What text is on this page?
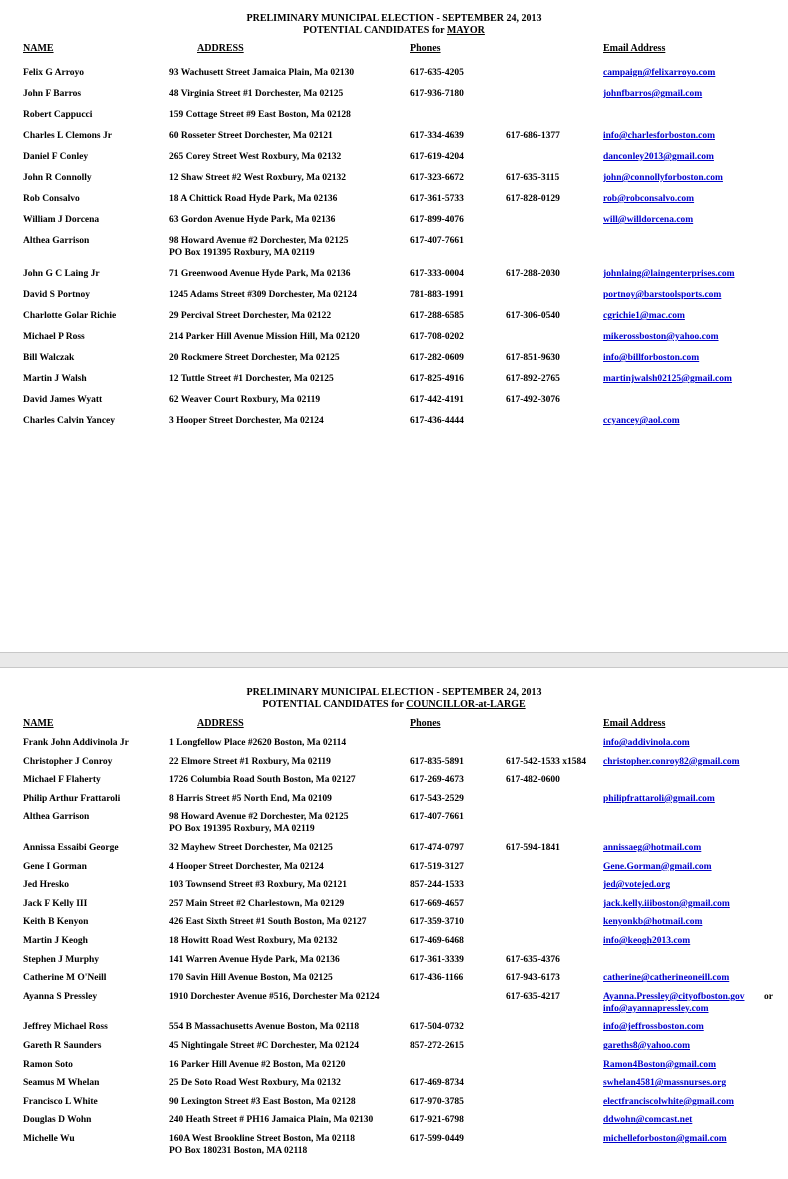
PRELIMINARY MUNICIPAL ELECTION - SEPTEMBER 24, 2013
POTENTIAL CANDIDATES for MAYOR
NAME	ADDRESS	Phones	Email Address
Felix G Arroyo	93 Wachusett Street Jamaica Plain, Ma 02130	617-635-4205	campaign@felixarroyo.com
John F Barros	48 Virginia Street #1 Dorchester, Ma 02125	617-936-7180	johnfbarros@gmail.com
Robert Cappucci	159 Cottage Street #9 East Boston, Ma 02128
Charles L Clemons Jr	60 Rosseter Street Dorchester, Ma 02121	617-334-4639	617-686-1377	info@charlesforboston.com
Daniel F Conley	265 Corey Street West Roxbury, Ma 02132	617-619-4204	danconley2013@gmail.com
John R Connolly	12 Shaw Street #2 West Roxbury, Ma 02132	617-323-6672	617-635-3115	john@connollyforboston.com
Rob Consalvo	18 A Chittick Road Hyde Park, Ma 02136	617-361-5733	617-828-0129	rob@robconsalvo.com
William J Dorcena	63 Gordon Avenue Hyde Park, Ma 02136	617-899-4076	will@willdorcena.com
Althea Garrison	98 Howard Avenue #2 Dorchester, Ma 02125	617-407-7661
PO Box 191395 Roxbury, MA 02119
John G C Laing Jr	71 Greenwood Avenue Hyde Park, Ma 02136	617-333-0004	617-288-2030	johnlaing@laingenterprises.com
David S Portnoy	1245 Adams Street #309 Dorchester, Ma 02124	781-883-1991	portnoy@barstoolsports.com
Charlotte Golar Richie	29 Percival Street Dorchester, Ma 02122	617-288-6585	617-306-0540	cgrichie1@mac.com
Michael P Ross	214 Parker Hill Avenue Mission Hill, Ma 02120	617-708-0202	mikerossboston@yahoo.com
Bill Walczak	20 Rockmere Street Dorchester, Ma 02125	617-282-0609	617-851-9630	info@billforboston.com
Martin J Walsh	12 Tuttle Street #1 Dorchester, Ma 02125	617-825-4916	617-892-2765	martinjwalsh02125@gmail.com
David James Wyatt	62 Weaver Court Roxbury, Ma 02119	617-442-4191	617-492-3076
Charles Calvin Yancey	3 Hooper Street Dorchester, Ma 02124	617-436-4444	ccyancey@aol.com
PRELIMINARY MUNICIPAL ELECTION - SEPTEMBER 24, 2013
POTENTIAL CANDIDATES for COUNCILLOR-at-LARGE
NAME	ADDRESS	Phones	Email Address
Frank John Addivinola Jr	1 Longfellow Place #2620 Boston, Ma 02114	info@addivinola.com
Christopher J Conroy	22 Elmore Street #1 Roxbury, Ma 02119	617-835-5891	617-542-1533 x1584 christopher.conroy82@gmail.com
Michael F Flaherty	1726 Columbia Road South Boston, Ma 02127	617-269-4673	617-482-0600
Philip Arthur Frattaroli	8 Harris Street #5 North End, Ma 02109	617-543-2529	philipfrattaroli@gmail.com
Althea Garrison	98 Howard Avenue #2 Dorchester, Ma 02125	617-407-7661
PO Box 191395 Roxbury, MA 02119
Annissa Essaibi George	32 Mayhew Street Dorchester, Ma 02125	617-474-0797	617-594-1841	annissaeg@hotmail.com
Gene I Gorman	4 Hooper Street Dorchester, Ma 02124	617-519-3127	Gene.Gorman@gmail.com
Jed Hresko	103 Townsend Street #3 Roxbury, Ma 02121	857-244-1533	jed@votejed.org
Jack F Kelly III	257 Main Street #2 Charlestown, Ma 02129	617-669-4657	jack.kelly.iiiboston@gmail.com
Keith B Kenyon	426 East Sixth Street #1 South Boston, Ma 02127	617-359-3710	kenyonkb@hotmail.com
Martin J Keogh	18 Howitt Road West Roxbury, Ma 02132	617-469-6468	info@keogh2013.com
Stephen J Murphy	141 Warren Avenue Hyde Park, Ma 02136	617-361-3339	617-635-4376
Catherine M O'Neill	170 Savin Hill Avenue Boston, Ma 02125	617-436-1166	617-943-6173	catherine@catherineoneill.com
Ayanna S Pressley	1910 Dorchester Avenue #516, Dorchester Ma 02124	617-635-4217	Ayanna.Pressley@cityofboston.gov or
info@ayannapressley.com
Jeffrey Michael Ross	554 B Massachusetts Avenue Boston, Ma 02118	617-504-0732	info@jeffrossboston.com
Gareth R Saunders	45 Nightingale Street #C Dorchester, Ma 02124	857-272-2615	gareths8@yahoo.com
Ramon Soto	16 Parker Hill Avenue #2 Boston, Ma 02120	Ramon4Boston@gmail.com
Seamus M Whelan	25 De Soto Road West Roxbury, Ma 02132	617-469-8734	swhelan4581@massnurses.org
Francisco L White	90 Lexington Street #3 East Boston, Ma 02128	617-970-3785	electfranciscolwhite@gmail.com
Douglas D Wohn	240 Heath Street # PH16 Jamaica Plain, Ma 02130	617-921-6798	ddwohn@comcast.net
Michelle Wu	160A West Brookline Street Boston, Ma 02118	617-599-0449	michelleforboston@gmail.com
PO Box 180231 Boston, MA 02118
